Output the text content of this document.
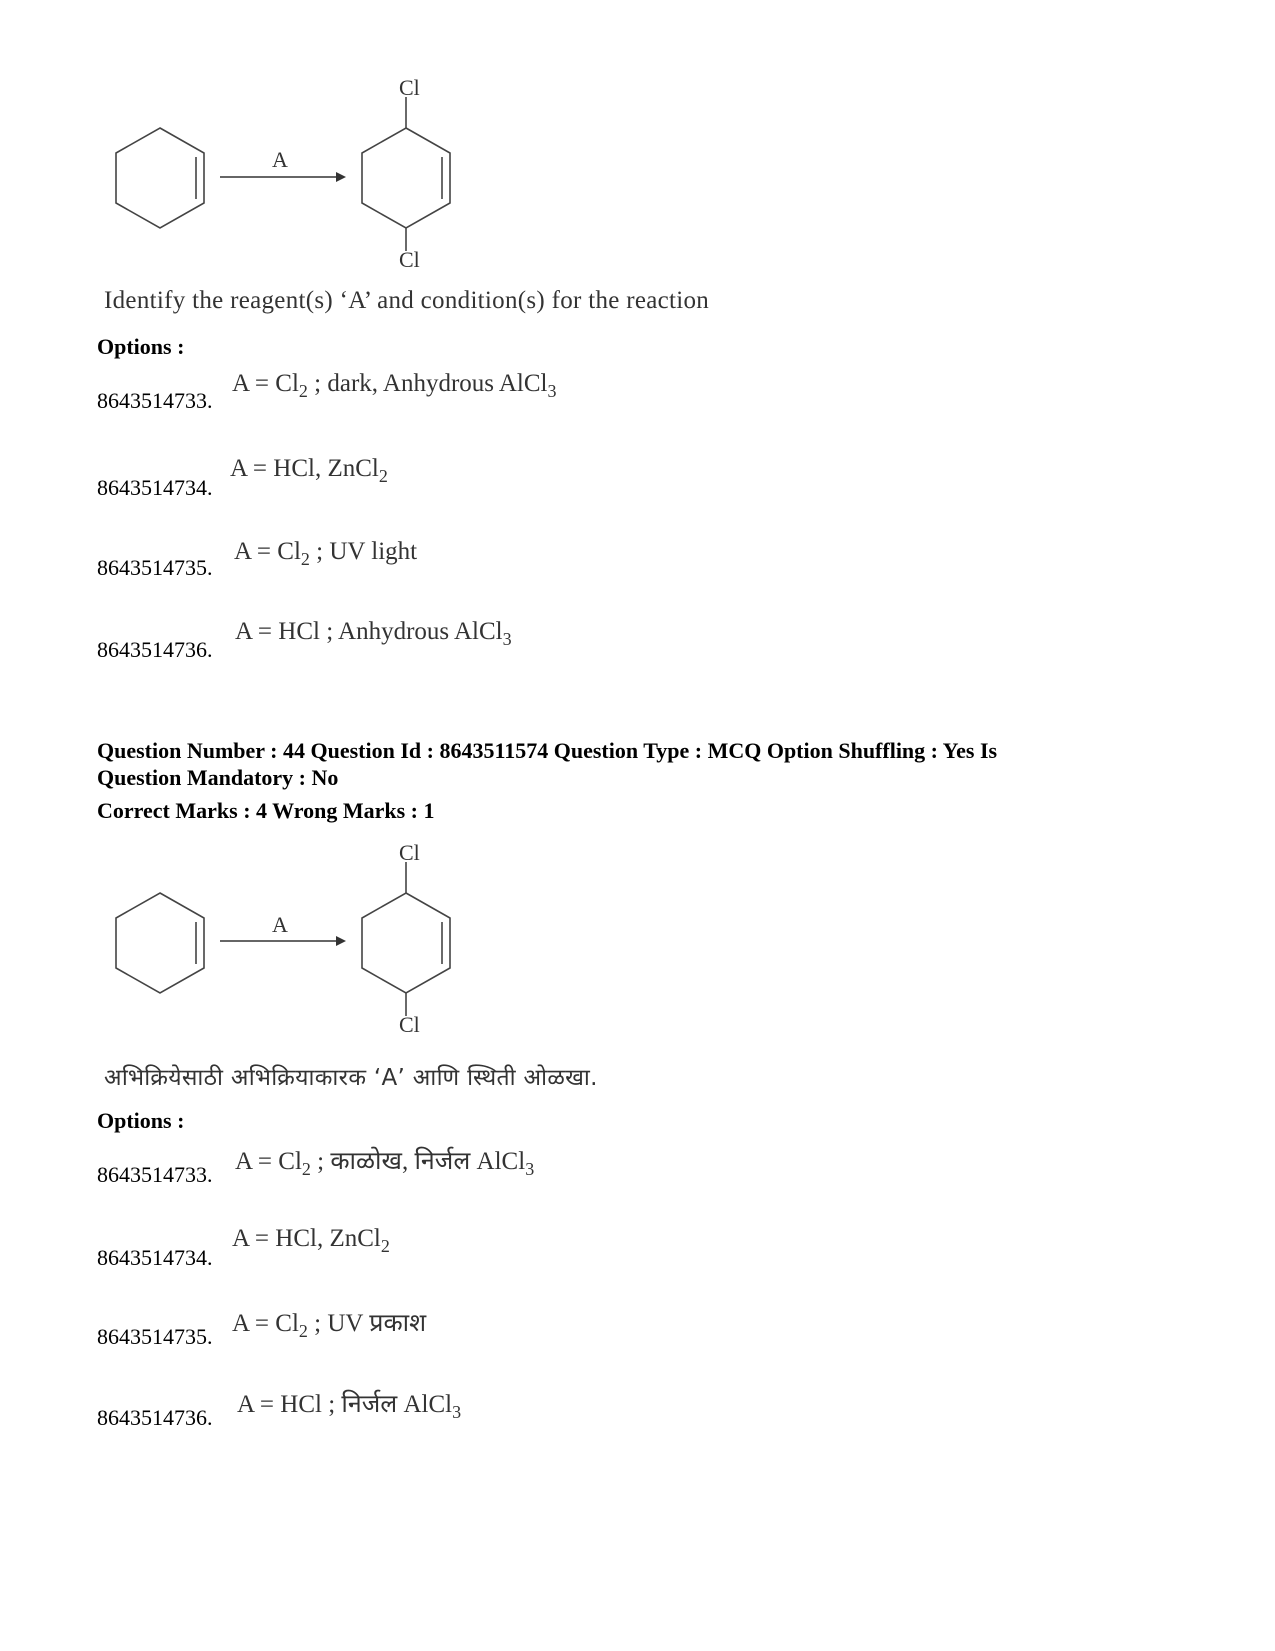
A
Cl
Cl
Identify the reagent(s) ‘A’ and condition(s) for the reaction
Options :
8643514733.
$A = Cl_2$ ; dark, Anhydrous AlCl$_3$
8643514734.
A = HCl, ZnCl$_2$
8643514735.
$A = Cl_2$ ; UV light
8643514736.
A = HCl ; Anhydrous AlCl$_3$
Question Number : 44 Question Id : 8643511574 Question Type : MCQ Option Shuffling : Yes Is
Question Mandatory : No
Correct Marks : 4 Wrong Marks : 1
A
Cl
Cl
अभिक्रियेसाठी अभिक्रियाकारक ‘A’ आणि स्थिती ओळखा.
Options :
8643514733. $A = Cl_2$ ; काळोख, निर्जल AlCl$_3$
8643514734.
A = HCl, ZnCl$_2$
8643514735. $A = Cl_2$ ; UV प्रकाश
8643514736. A = HCl ; निर्जल AlCl$_3$
